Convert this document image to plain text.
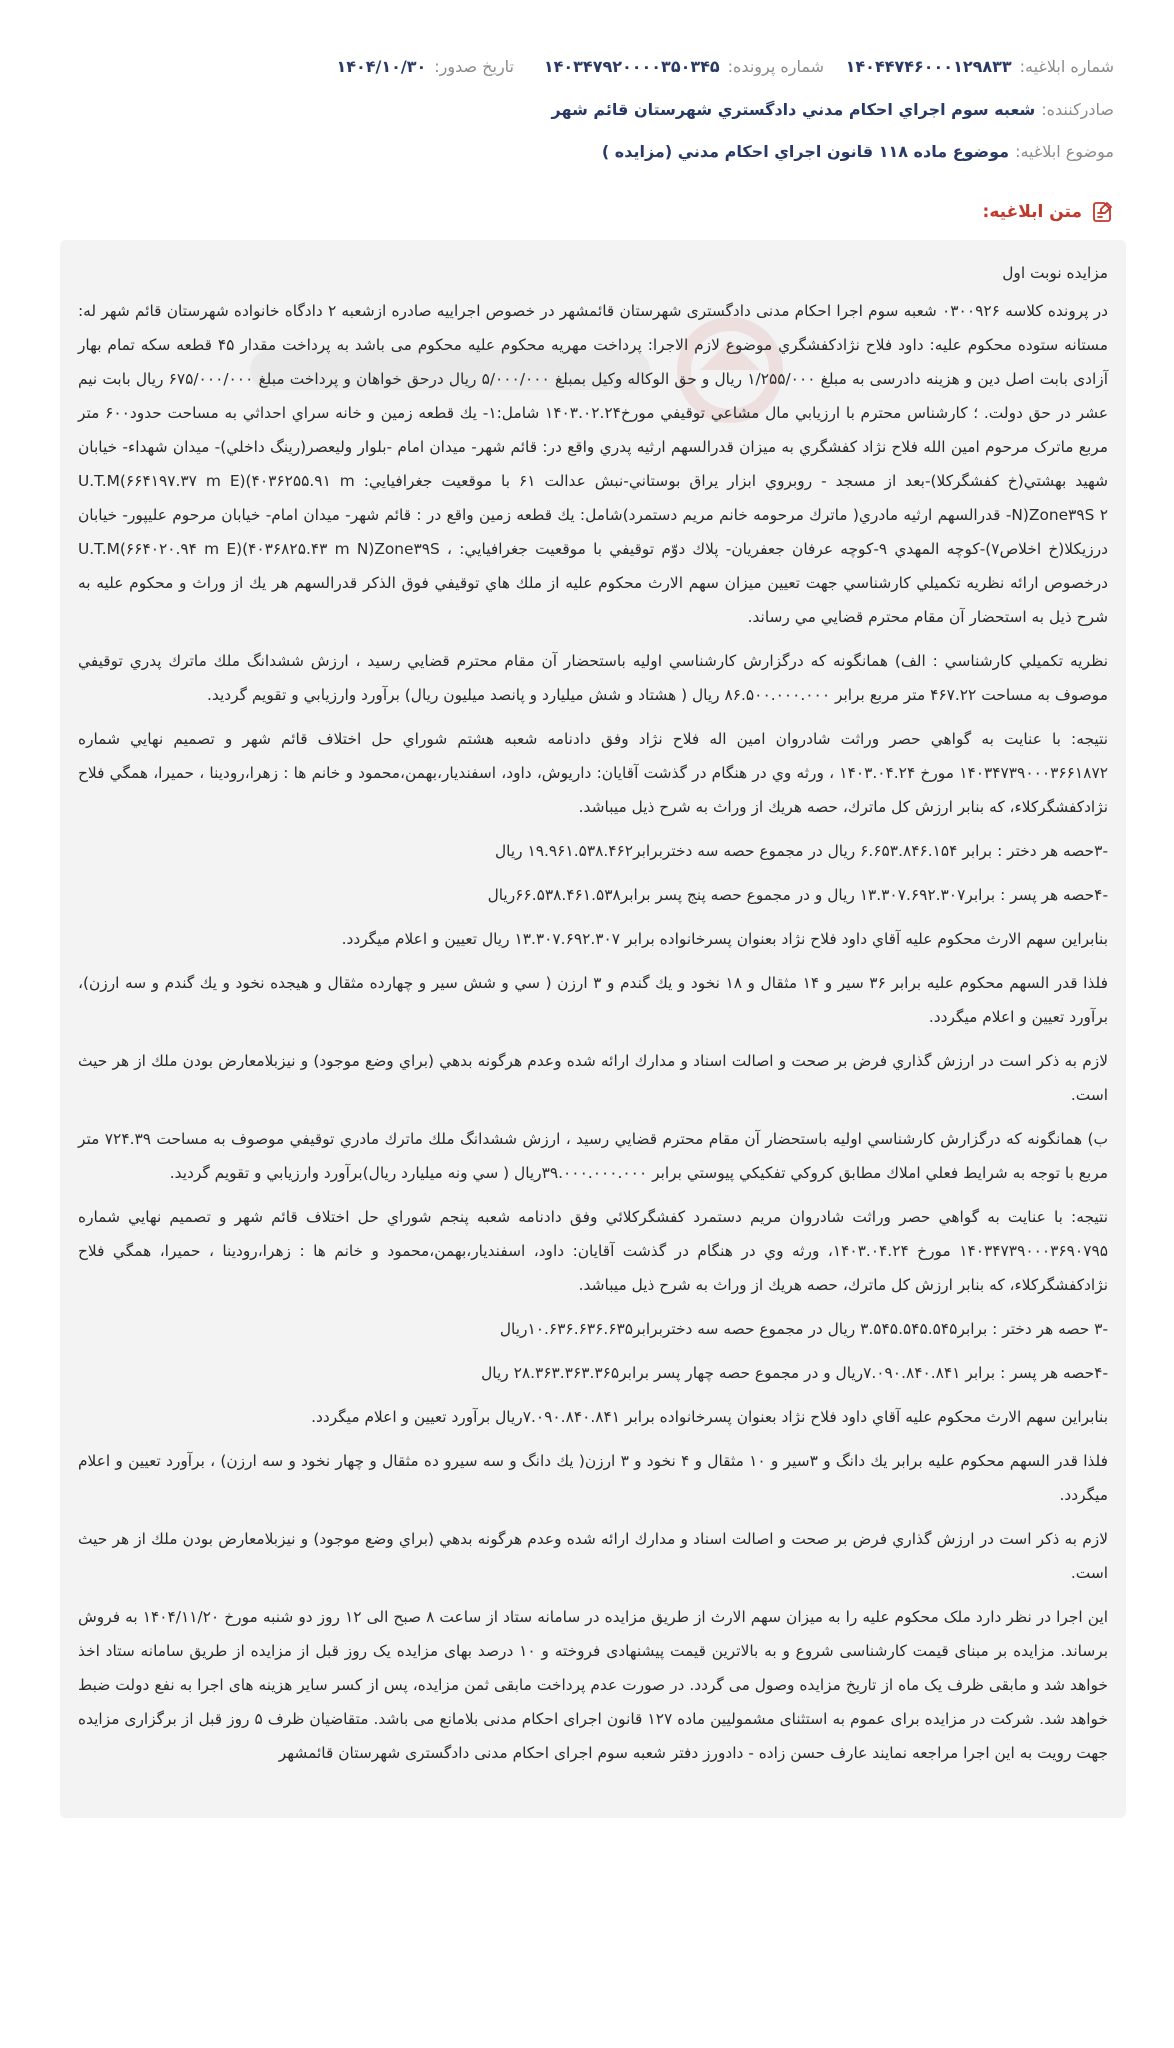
شماره ابلاغيه:
۱۴۰۴۴۷۴۶۰۰۰۱۲۹۸۳۳
شماره پرونده:
۱۴۰۳۴۷۹۲۰۰۰۰۳۵۰۳۴۵
تاريخ صدور:
۱۴۰۴/۱۰/۳۰
صادرکننده:
شعبه سوم اجراي احکام مدني دادگستري شهرستان قائم شهر
موضوع ابلاغيه:
موضوع ماده ۱۱۸ قانون اجراي احکام مدني (مزايده )
متن ابلاغيه:

مزايده نوبت اول

در پرونده کلاسه ۰۳۰۰۹۲۶ شعبه سوم اجرا احکام مدنی دادگستری شهرستان قائمشهر در خصوص اجراییه صادره ازشعبه ۲ دادگاه خانواده شهرستان قائم شهر له: مستانه ستوده محکوم عليه: داود فلاح نژادکفشگري موضوع لازم الاجرا: پرداخت مهريه محکوم عليه محکوم می باشد به پرداخت مقدار ۴۵ قطعه سکه تمام بهار آزادی بابت اصل دين و هزينه دادرسی به مبلغ ۱/۲۵۵/۰۰۰ ريال و حق الوکاله وکيل بمبلغ ۵/۰۰۰/۰۰۰ ريال درحق خواهان و پرداخت مبلغ ۶۷۵/۰۰۰/۰۰۰ ريال بابت نيم عشر در حق دولت. ؛ کارشناس محترم با ارزيابي مال مشاعي توقيفي مورخ۱۴۰۳.۰۲.۲۴ شامل:۱- يك قطعه زمين و خانه سراي احداثي به مساحت حدود۶۰۰ متر مربع ماترک مرحوم امين الله فلاح نژاد کفشگري به ميزان قدرالسهم ارثيه پدري واقع در: قائم شهر- ميدان امام -بلوار وليعصر(رينگ داخلي)- ميدان شهداء- خيابان شهيد بهشتي(خ کفشگرکلا)-بعد از مسجد - روبروي ابزار يراق بوستاني-نبش عدالت ۶۱ با موقعيت جغرافيايي: U.T.M(۶۶۴۱۹۷.۳۷ m E)(۴۰۳۶۲۵۵.۹۱ m N)Zone۳۹S ۲- قدرالسهم ارثيه مادري( ماترك مرحومه خانم مريم دستمرد)شامل: يك قطعه زمين واقع در : قائم شهر- ميدان امام- خيابان مرحوم عليپور- خيابان درزيکلا(خ اخلاص۷)-کوچه المهدي ۹-کوچه عرفان جعفريان- پلاك دوّم توقيفي با موقعيت جغرافيايي: ، U.T.M(۶۶۴۰۲۰.۹۴ m E)(۴۰۳۶۸۲۵.۴۳ m N)Zone۳۹S درخصوص ارائه نظريه تکميلي کارشناسي جهت تعيين ميزان سهم الارث محکوم عليه از ملك هاي توقيفي فوق الذکر قدرالسهم هر يك از وراث و محکوم عليه به شرح ذيل به استحضار آن مقام محترم قضايي مي رساند.

نظريه تکميلي کارشناسي : الف) همانگونه که درگزارش کارشناسي اوليه باستحضار آن مقام محترم قضايي رسيد ، ارزش ششدانگ ملك ماترك پدري توقيفي موصوف به مساحت ۴۶۷.۲۲ متر مربع برابر ۸۶.۵۰۰.۰۰۰.۰۰۰ ريال ( هشتاد و شش ميليارد و پانصد ميليون ريال) برآورد وارزيابي و تقويم گرديد.

نتيجه: با عنايت به گواهي حصر وراثت شادروان امين اله فلاح نژاد وفق دادنامه شعبه هشتم شوراي حل اختلاف قائم شهر و تصميم نهايي شماره ۱۴۰۳۴۷۳۹۰۰۰۳۶۶۱۸۷۲ مورخ ۱۴۰۳.۰۴.۲۴ ، ورثه وي در هنگام در گذشت آقايان: داريوش، داود، اسفنديار،بهمن،محمود و خانم ها : زهرا،رودينا ، حميرا، همگي فلاح نژادکفشگرکلاء، که بنابر ارزش کل ماترك، حصه هريك از وراث به شرح ذيل ميباشد.

-۳حصه هر دختر : برابر ۶.۶۵۳.۸۴۶.۱۵۴ ريال در مجموع حصه سه دختربرابر۱۹.۹۶۱.۵۳۸.۴۶۲ ريال

-۴حصه هر پسر : برابر۱۳.۳۰۷.۶۹۲.۳۰۷ ريال و در مجموع حصه پنج پسر برابر۶۶.۵۳۸.۴۶۱.۵۳۸ريال

بنابراين سهم الارث محکوم عليه آقاي داود فلاح نژاد بعنوان پسرخانواده برابر ۱۳.۳۰۷.۶۹۲.۳۰۷ ريال تعيين و اعلام ميگردد.

فلذا قدر السهم محکوم عليه برابر ۳۶ سير و ۱۴ مثقال و ۱۸ نخود و يك گندم و ۳ ارزن ( سي و شش سير و چهارده مثقال و هيجده نخود و يك گندم و سه ارزن)، برآورد تعيين و اعلام ميگردد.

لازم به ذکر است در ارزش گذاري فرض بر صحت و اصالت اسناد و مدارك ارائه شده وعدم هرگونه بدهي (براي وضع موجود) و نيزبلامعارض بودن ملك از هر حيث است.

ب) همانگونه که درگزارش کارشناسي اوليه باستحضار آن مقام محترم قضايي رسيد ، ارزش ششدانگ ملك ماترك مادري توقيفي موصوف به مساحت ۷۲۴.۳۹ متر مربع با توجه به شرايط فعلي املاك مطابق کروکي تفکيکي پيوستي برابر ۳۹.۰۰۰.۰۰۰.۰۰۰ريال ( سي ونه ميليارد ريال)برآورد وارزيابي و تقويم گرديد.

نتيجه: با عنايت به گواهي حصر وراثت شادروان مريم دستمرد کفشگرکلائي وفق دادنامه شعبه پنجم شوراي حل اختلاف قائم شهر و تصميم نهايي شماره ۱۴۰۳۴۷۳۹۰۰۰۳۶۹۰۷۹۵ مورخ ۱۴۰۳.۰۴.۲۴، ورثه وي در هنگام در گذشت آقايان: داود، اسفنديار،بهمن،محمود و خانم ها : زهرا،رودينا ، حميرا، همگي فلاح نژادکفشگرکلاء، که بنابر ارزش کل ماترك، حصه هريك از وراث به شرح ذيل ميباشد.

-۳ حصه هر دختر : برابر۳.۵۴۵.۵۴۵.۵۴۵ ريال در مجموع حصه سه دختربرابر۱۰.۶۳۶.۶۳۶.۶۳۵ريال

-۴حصه هر پسر : برابر ۷.۰۹۰.۸۴۰.۸۴۱ريال و در مجموع حصه چهار پسر برابر۲۸.۳۶۳.۳۶۳.۳۶۵ ريال

بنابراين سهم الارث محکوم عليه آقاي داود فلاح نژاد بعنوان پسرخانواده برابر ۷.۰۹۰.۸۴۰.۸۴۱ريال برآورد تعيين و اعلام ميگردد.

فلذا قدر السهم محکوم عليه برابر يك دانگ و ۳سير و ۱۰ مثقال و ۴ نخود و ۳ ارزن( يك دانگ و سه سيرو ده مثقال و چهار نخود و سه ارزن) ، برآورد تعيين و اعلام ميگردد.

لازم به ذکر است در ارزش گذاري فرض بر صحت و اصالت اسناد و مدارك ارائه شده وعدم هرگونه بدهي (براي وضع موجود) و نيزبلامعارض بودن ملك از هر حيث است.

اين اجرا در نظر دارد ملک محکوم عليه را به ميزان سهم الارث از طريق مزايده در سامانه ستاد از ساعت ۸ صبح الی ۱۲ روز دو شنبه مورخ ۱۴۰۴/۱۱/۲۰ به فروش برساند. مزايده بر مبنای قيمت کارشناسی شروع و به بالاترين قيمت پيشنهادی فروخته و ۱۰ درصد بهای مزايده يک روز قبل از مزايده از طريق سامانه ستاد اخذ خواهد شد و مابقی ظرف يک ماه از تاريخ مزايده وصول می گردد. در صورت عدم پرداخت مابقی ثمن مزايده، پس از کسر ساير هزينه های اجرا به نفع دولت ضبط خواهد شد. شرکت در مزايده برای عموم به استثنای مشموليين ماده ۱۲۷ قانون اجرای احکام مدنی بلامانع می باشد. متقاضيان ظرف ۵ روز قبل از برگزاری مزايده جهت رويت به اين اجرا مراجعه نمايند عارف حسن زاده - دادورز دفتر شعبه سوم اجرای احکام مدنی دادگستری شهرستان قائمشهر
